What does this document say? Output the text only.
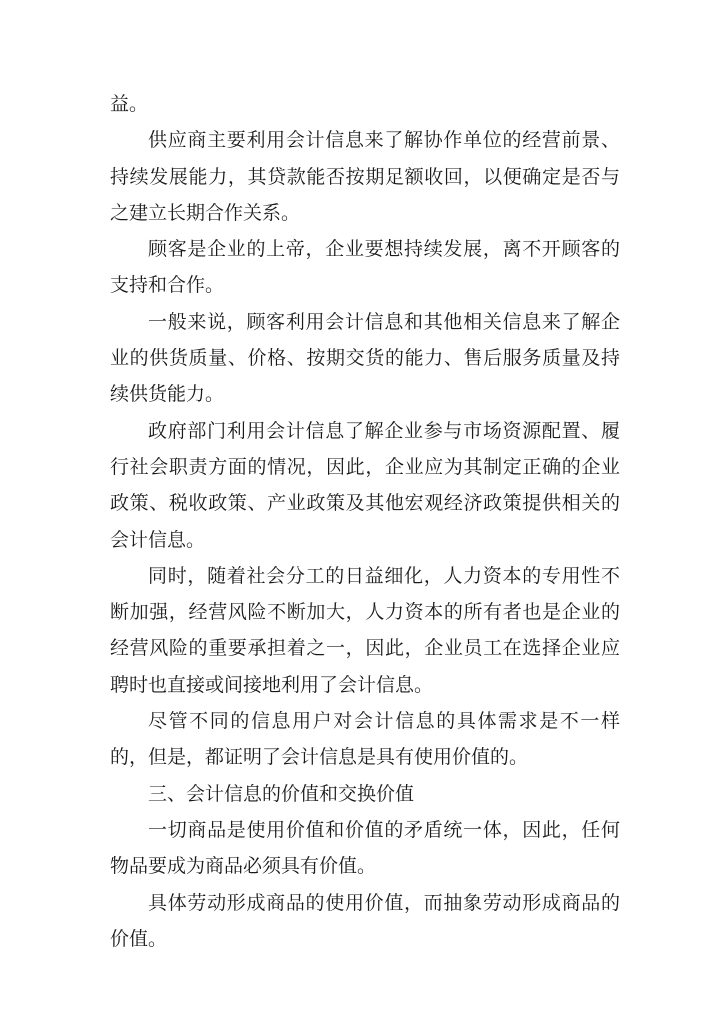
益。

供应商主要利用会计信息来了解协作单位的经营前景、持续发展能力，其贷款能否按期足额收回，以便确定是否与之建立长期合作关系。

顾客是企业的上帝，企业要想持续发展，离不开顾客的支持和合作。

一般来说，顾客利用会计信息和其他相关信息来了解企业的供货质量、价格、按期交货的能力、售后服务质量及持续供货能力。

政府部门利用会计信息了解企业参与市场资源配置、履行社会职责方面的情况，因此，企业应为其制定正确的企业政策、税收政策、产业政策及其他宏观经济政策提供相关的会计信息。

同时，随着社会分工的日益细化，人力资本的专用性不断加强，经营风险不断加大，人力资本的所有者也是企业的经营风险的重要承担着之一，因此，企业员工在选择企业应聘时也直接或间接地利用了会计信息。

尽管不同的信息用户对会计信息的具体需求是不一样的，但是，都证明了会计信息是具有使用价值的。

三、会计信息的价值和交换价值

一切商品是使用价值和价值的矛盾统一体，因此，任何物品要成为商品必须具有价值。

具体劳动形成商品的使用价值，而抽象劳动形成商品的价值。
